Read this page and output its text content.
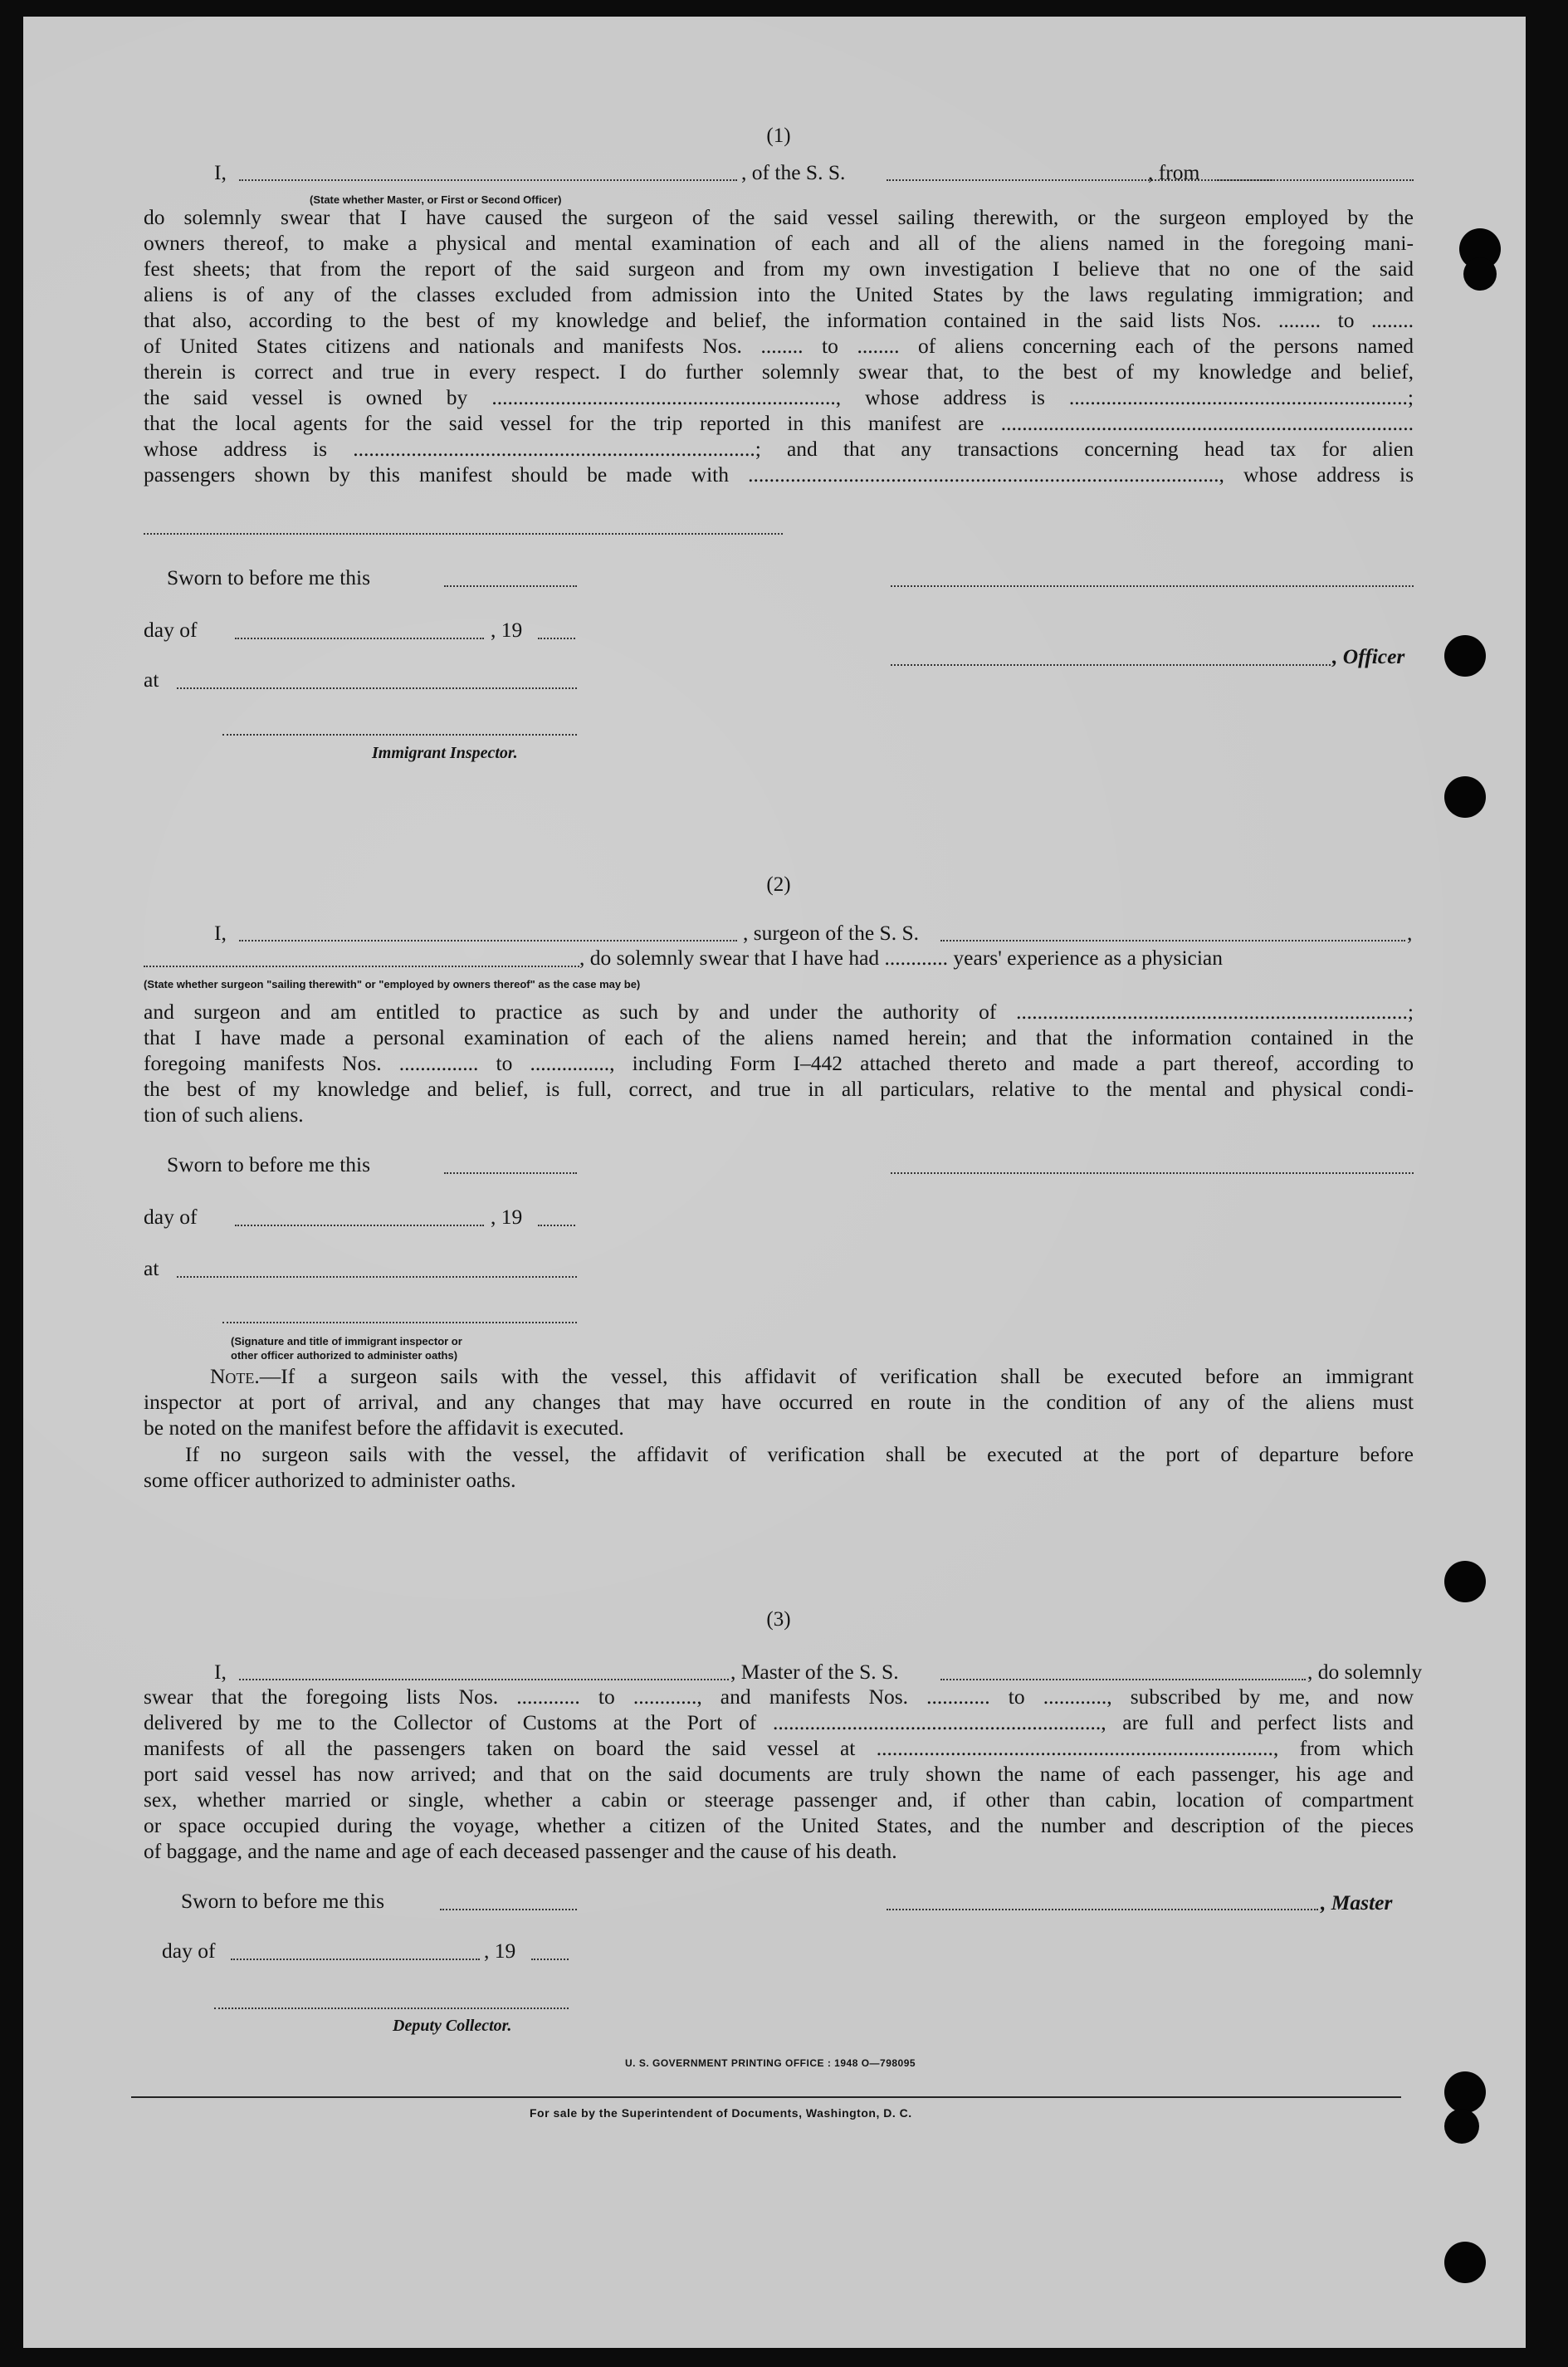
(1)
I,	, of the S. S.	, from
(State whether Master, or First or Second Officer)
do solemnly swear that I have caused the surgeon of the said vessel sailing therewith, or the surgeon employed by the
owners thereof, to make a physical and mental examination of each and all of the aliens named in the foregoing mani-
fest sheets; that from the report of the said surgeon and from my own investigation I believe that no one of the said
aliens is of any of the classes excluded from admission into the United States by the laws regulating immigration; and
that also, according to the best of my knowledge and belief, the information contained in the said lists Nos. ........ to ........
of United States citizens and nationals and manifests Nos. ........ to ........ of aliens concerning each of the persons named
therein is correct and true in every respect. I do further solemnly swear that, to the best of my knowledge and belief,
the said vessel is owned by ................................................................., whose address is ................................................................;
that the local agents for the said vessel for the trip reported in this manifest are ..............................................................................
whose address is ............................................................................; and that any transactions concerning head tax for alien
passengers shown by this manifest should be made with ........................................................................................., whose address is
Sworn to before me this
day of	, 19
, Officer
at
Immigrant Inspector.
(2)
I,	, surgeon of the S. S.	,
, do solemnly swear that I have had ............ years' experience as a physician
(State whether surgeon "sailing therewith" or "employed by owners thereof" as the case may be)
and surgeon and am entitled to practice as such by and under the authority of ..........................................................................;
that I have made a personal examination of each of the aliens named herein; and that the information contained in the
foregoing manifests Nos. ............... to ..............., including Form I–442 attached thereto and made a part thereof, according to
the best of my knowledge and belief, is full, correct, and true in all particulars, relative to the mental and physical condi-
tion of such aliens.
Sworn to before me this
day of	, 19
at
(Signature and title of immigrant inspector or
other officer authorized to administer oaths)
Note.—If a surgeon sails with the vessel, this affidavit of verification shall be executed before an immigrant
inspector at port of arrival, and any changes that may have occurred en route in the condition of any of the aliens must
be noted on the manifest before the affidavit is executed.
If no surgeon sails with the vessel, the affidavit of verification shall be executed at the port of departure before
some officer authorized to administer oaths.
(3)
I,	, Master of the S. S.	, do solemnly
swear that the foregoing lists Nos. ............ to ............, and manifests Nos. ............ to ............, subscribed by me, and now
delivered by me to the Collector of Customs at the Port of .............................................................., are full and perfect lists and
manifests of all the passengers taken on board the said vessel at ..........................................................................., from which
port said vessel has now arrived; and that on the said documents are truly shown the name of each passenger, his age and
sex, whether married or single, whether a cabin or steerage passenger and, if other than cabin, location of compartment
or space occupied during the voyage, whether a citizen of the United States, and the number and description of the pieces
of baggage, and the name and age of each deceased passenger and the cause of his death.
Sworn to before me this	, Master
day of	, 19
Deputy Collector.
U. S. GOVERNMENT PRINTING OFFICE : 1948 O—798095
For sale by the Superintendent of Documents, Washington, D. C.
